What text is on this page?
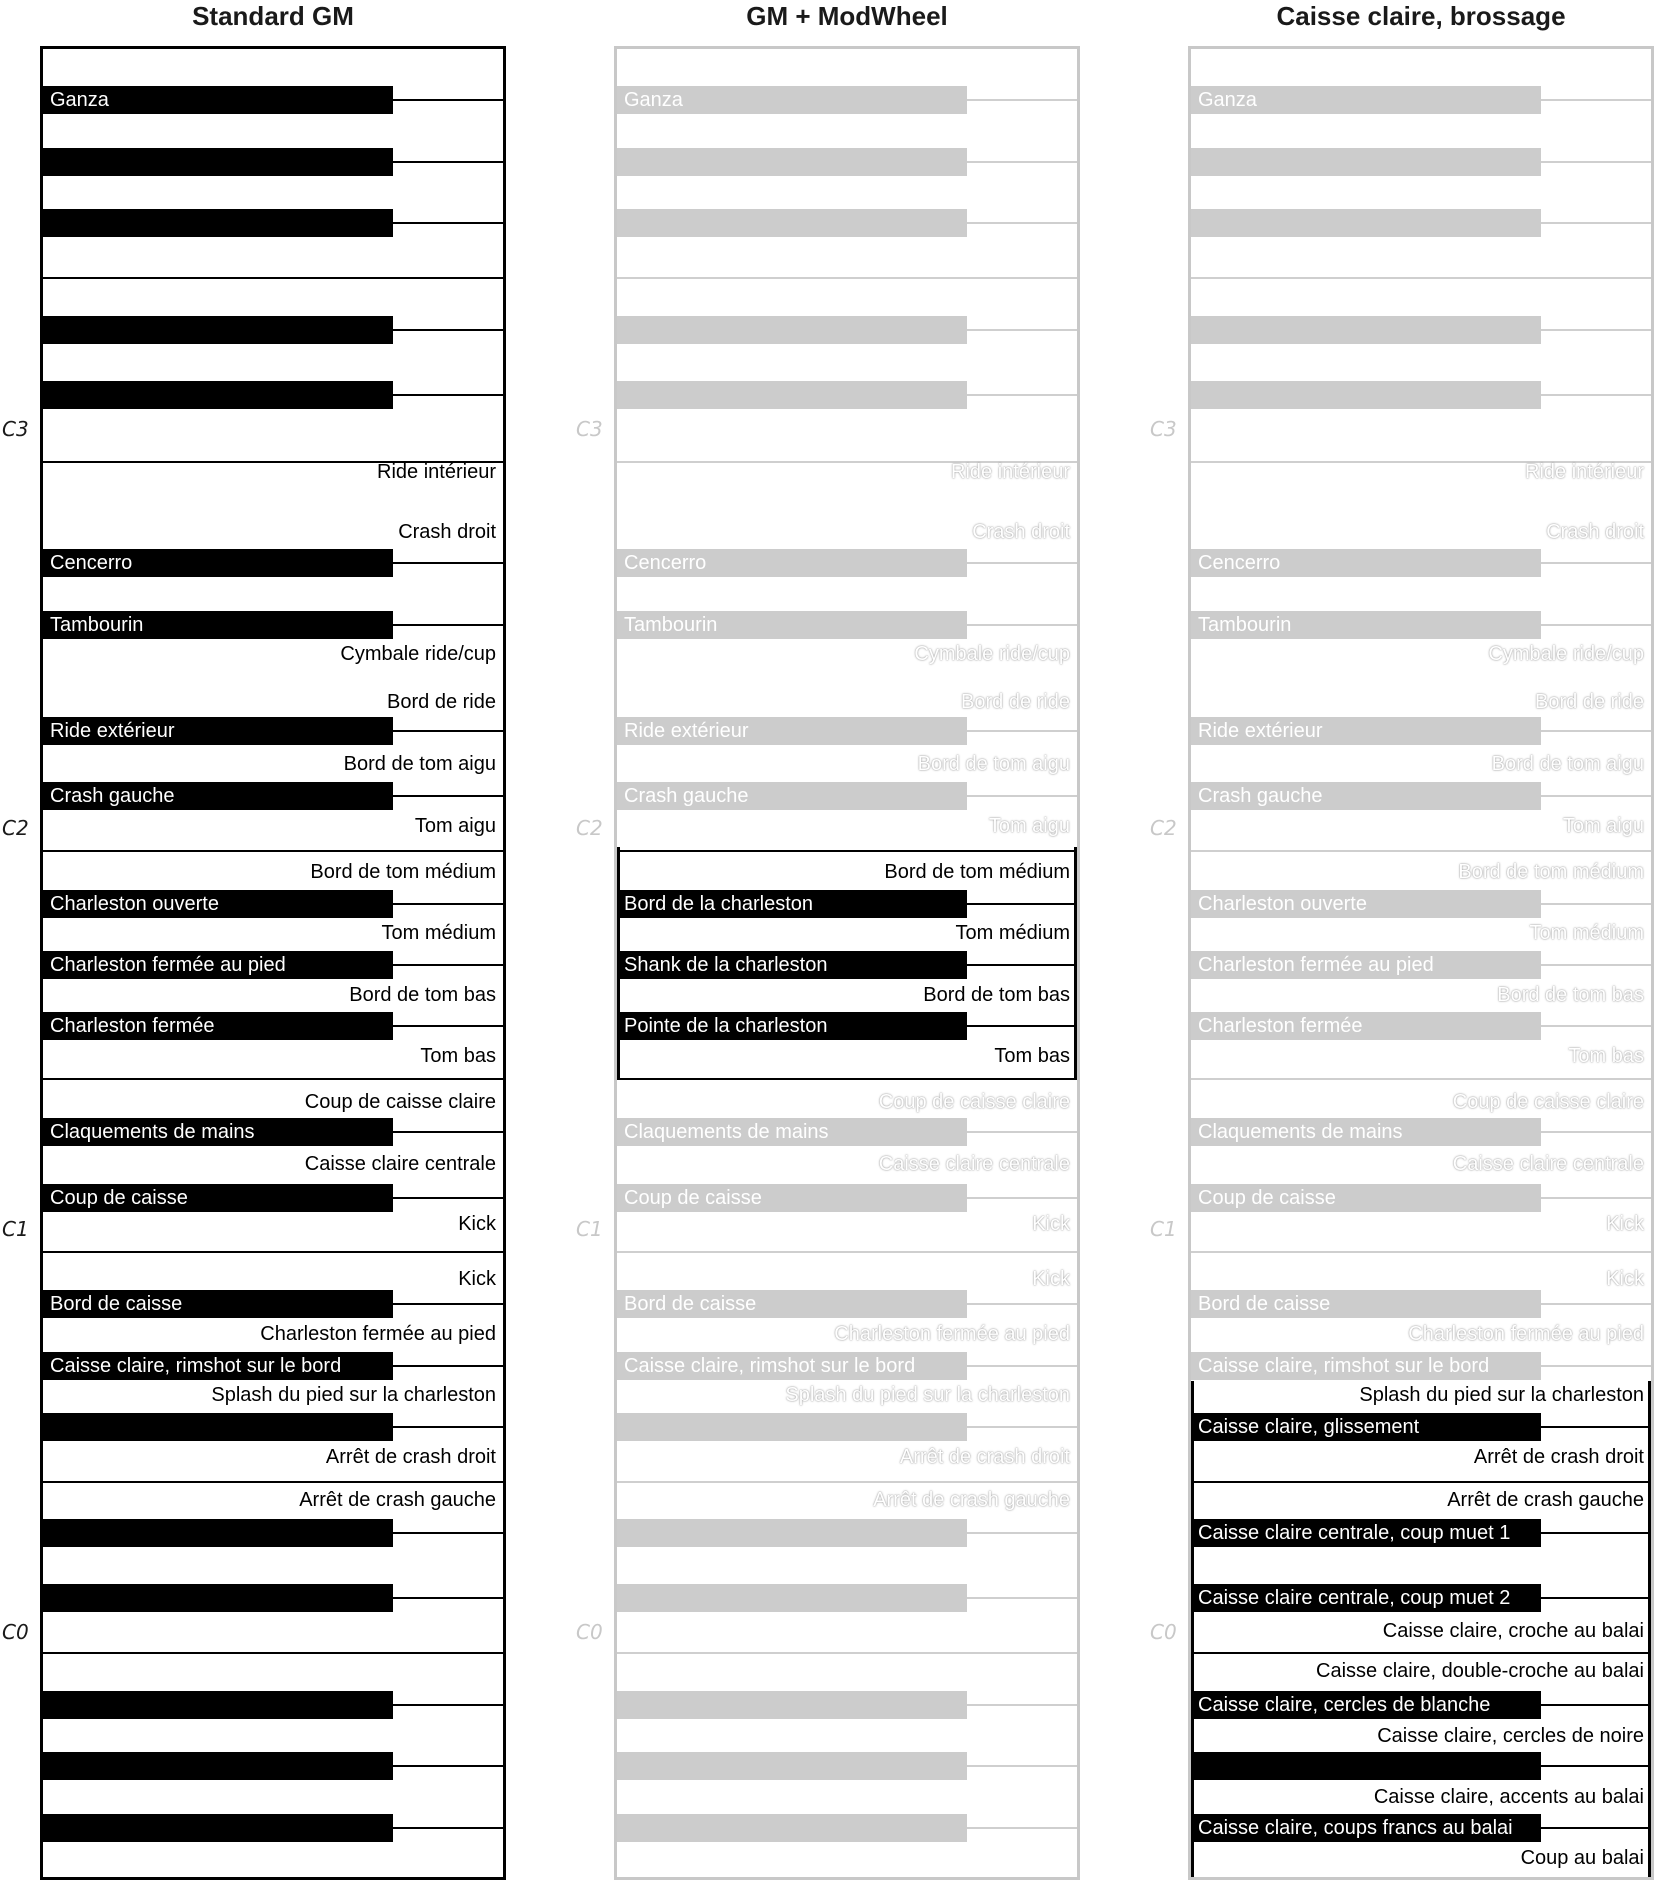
Standard GM
Ganza
Cencerro
Tambourin
Ride extérieur
Crash gauche
Charleston ouverte
Charleston fermée au pied
Charleston fermée
Claquements de mains
Coup de caisse
Bord de caisse
Caisse claire, rimshot sur le bord
Ride intérieur
Crash droit
Cymbale ride/cup
Bord de ride
Bord de tom aigu
Tom aigu
Bord de tom médium
Tom médium
Bord de tom bas
Tom bas
Coup de caisse claire
Caisse claire centrale
Kick
Kick
Charleston fermée au pied
Splash du pied sur la charleston
Arrêt de crash droit
Arrêt de crash gauche
C3
C2
C1
C0
GM + ModWheel
Ganza
Cencerro
Tambourin
Ride extérieur
Crash gauche
Bord de la charleston
Shank de la charleston
Pointe de la charleston
Claquements de mains
Coup de caisse
Bord de caisse
Caisse claire, rimshot sur le bord
Ride intérieur
Crash droit
Cymbale ride/cup
Bord de ride
Bord de tom aigu
Tom aigu
Bord de tom médium
Tom médium
Bord de tom bas
Tom bas
Coup de caisse claire
Caisse claire centrale
Kick
Kick
Charleston fermée au pied
Splash du pied sur la charleston
Arrêt de crash droit
Arrêt de crash gauche
C3
C2
C1
C0
Caisse claire, brossage
Ganza
Cencerro
Tambourin
Ride extérieur
Crash gauche
Charleston ouverte
Charleston fermée au pied
Charleston fermée
Claquements de mains
Coup de caisse
Bord de caisse
Caisse claire, rimshot sur le bord
Caisse claire, glissement
Caisse claire centrale, coup muet 1
Caisse claire centrale, coup muet 2
Caisse claire, cercles de blanche
Caisse claire, coups francs au balai
Ride intérieur
Crash droit
Cymbale ride/cup
Bord de ride
Bord de tom aigu
Tom aigu
Bord de tom médium
Tom médium
Bord de tom bas
Tom bas
Coup de caisse claire
Caisse claire centrale
Kick
Kick
Charleston fermée au pied
Splash du pied sur la charleston
Arrêt de crash droit
Arrêt de crash gauche
Caisse claire, croche au balai
Caisse claire, double-croche au balai
Caisse claire, cercles de noire
Caisse claire, accents au balai
Coup au balai
C3
C2
C1
C0
